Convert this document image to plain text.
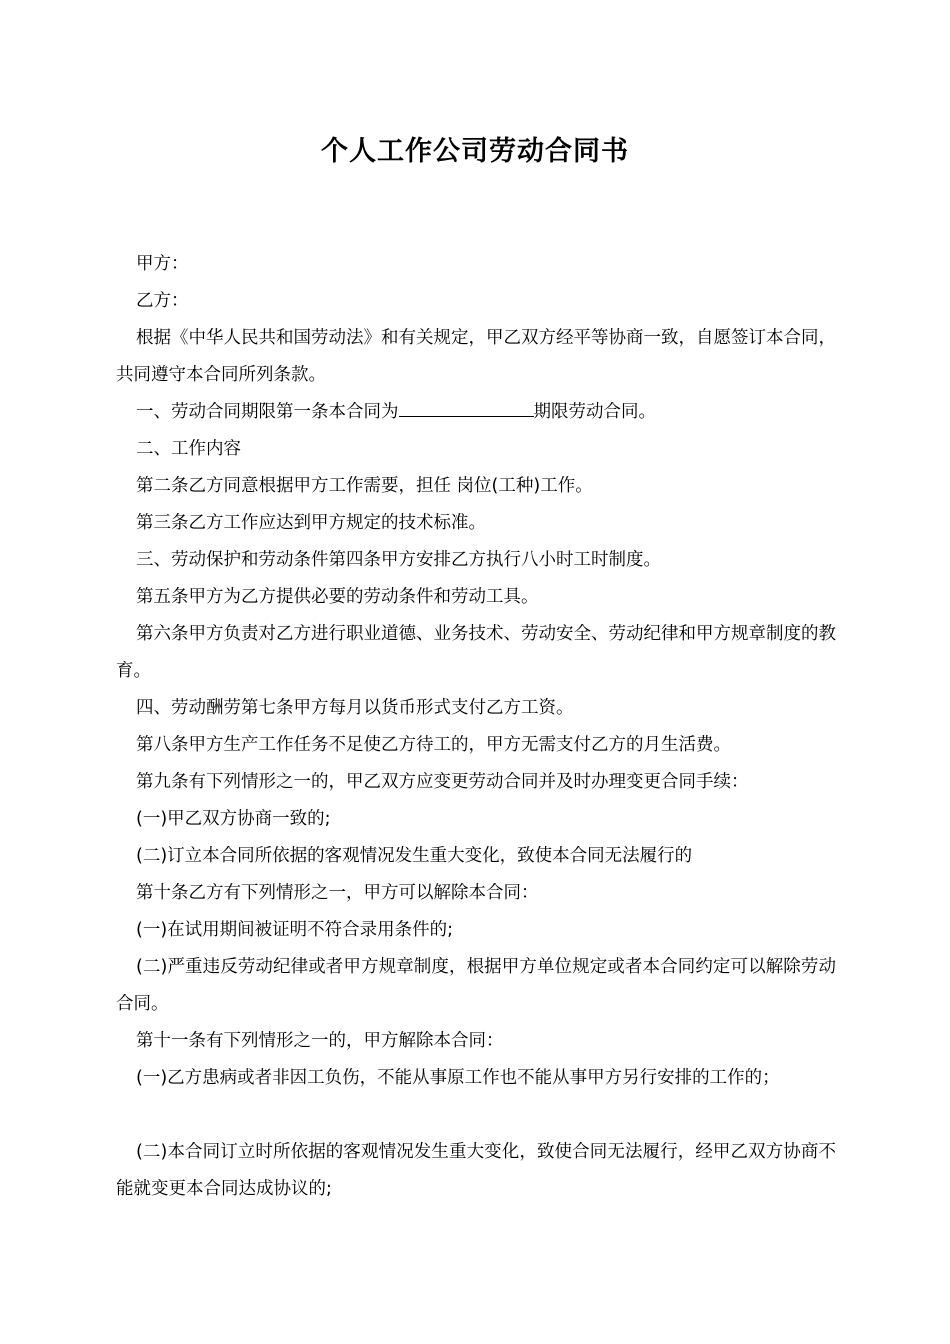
个人工作公司劳动合同书

甲方：

乙方：

根据《中华人民共和国劳动法》和有关规定，甲乙双方经平等协商一致，自愿签订本合同，共同遵守本合同所列条款。

一、劳动合同期限第一条本合同为	期限劳动合同。

二、工作内容

第二条乙方同意根据甲方工作需要，担任 岗位(工种)工作。

第三条乙方工作应达到甲方规定的技术标准。

三、劳动保护和劳动条件第四条甲方安排乙方执行八小时工时制度。

第五条甲方为乙方提供必要的劳动条件和劳动工具。

第六条甲方负责对乙方进行职业道德、业务技术、劳动安全、劳动纪律和甲方规章制度的教育。

四、劳动酬劳第七条甲方每月以货币形式支付乙方工资。

第八条甲方生产工作任务不足使乙方待工的，甲方无需支付乙方的月生活费。

第九条有下列情形之一的，甲乙双方应变更劳动合同并及时办理变更合同手续：

(一)甲乙双方协商一致的;

(二)订立本合同所依据的客观情况发生重大变化，致使本合同无法履行的

第十条乙方有下列情形之一，甲方可以解除本合同：

(一)在试用期间被证明不符合录用条件的;

(二)严重违反劳动纪律或者甲方规章制度，根据甲方单位规定或者本合同约定可以解除劳动合同。

第十一条有下列情形之一的，甲方解除本合同：

(一)乙方患病或者非因工负伤，不能从事原工作也不能从事甲方另行安排的工作的；

(二)本合同订立时所依据的客观情况发生重大变化，致使合同无法履行，经甲乙双方协商不能就变更本合同达成协议的;
